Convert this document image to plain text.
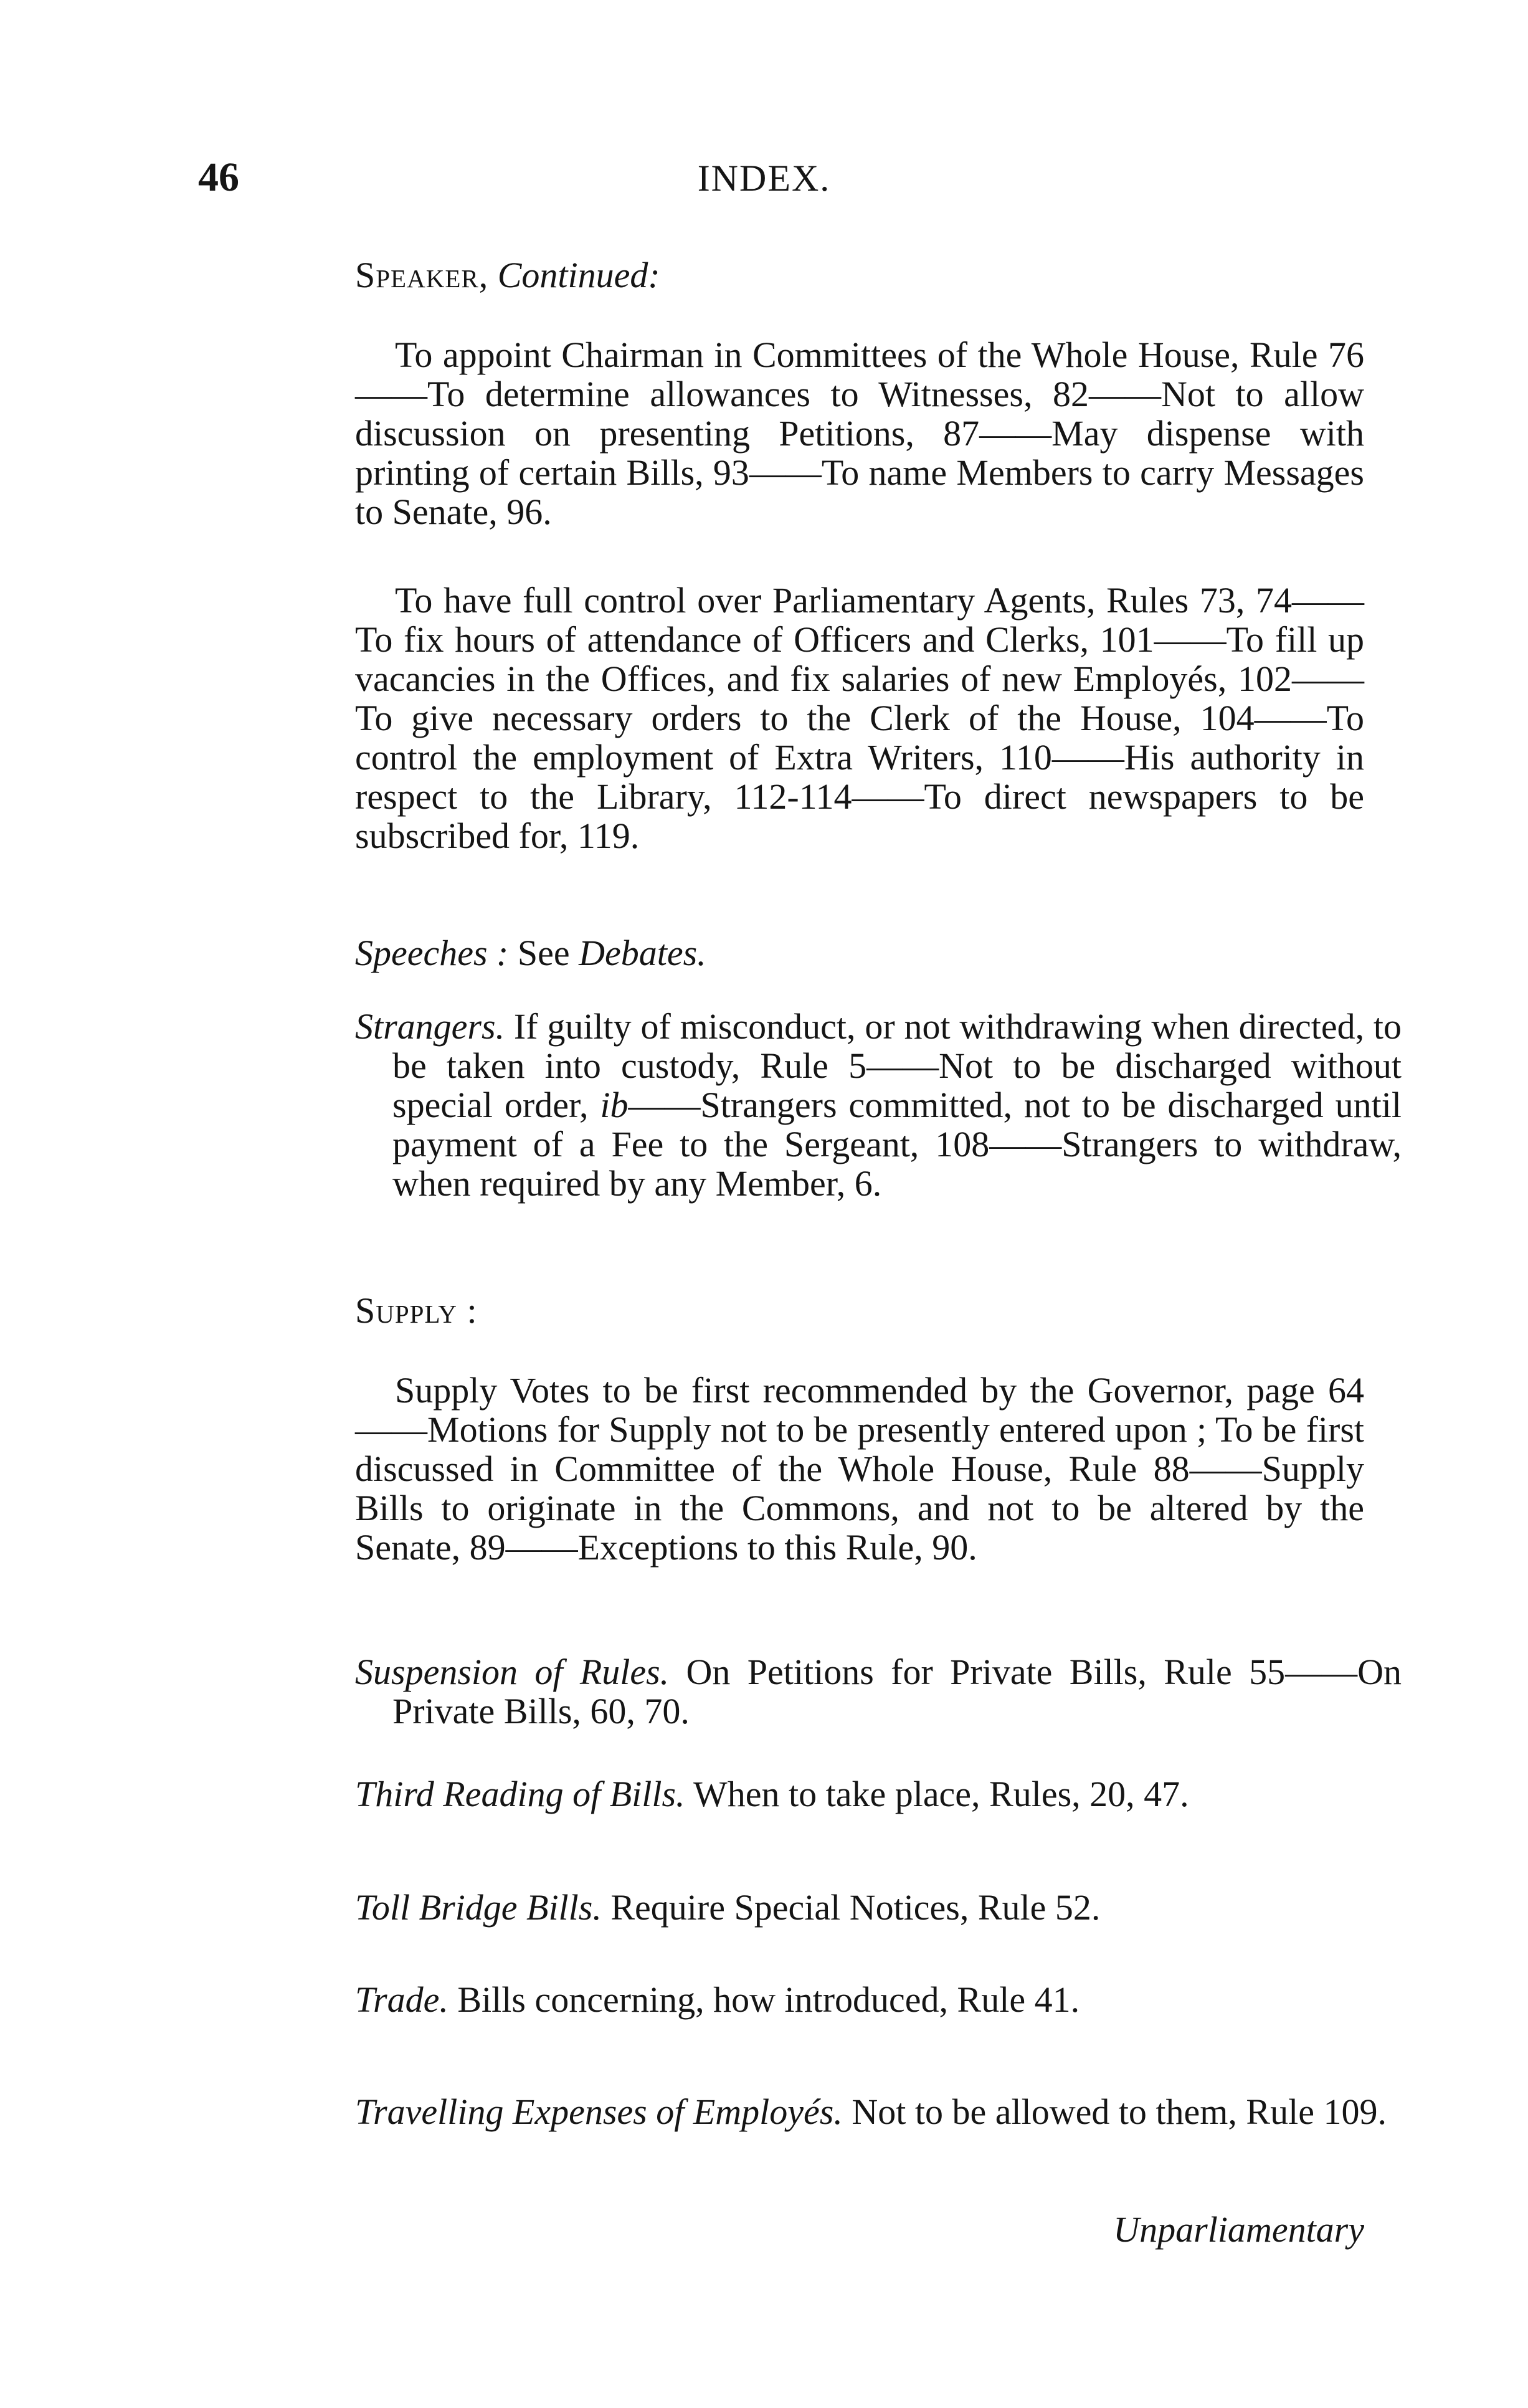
46	INDEX.
Speaker, Continued:
To appoint Chairman in Committees of the Whole House, Rule 76——To determine allowances to Witnesses, 82——Not to allow discussion on presenting Petitions, 87——May dispense with printing of certain Bills, 93——To name Members to carry Messages to Senate, 96.
To have full control over Parliamentary Agents, Rules 73, 74——To fix hours of attendance of Officers and Clerks, 101——To fill up vacancies in the Offices, and fix salaries of new Employés, 102——To give necessary orders to the Clerk of the House, 104——To control the employment of Extra Writers, 110——His authority in respect to the Library, 112-114——To direct newspapers to be subscribed for, 119.
Speeches : See Debates.
Strangers. If guilty of misconduct, or not withdrawing when directed, to be taken into custody, Rule 5——Not to be discharged without special order, ib——Strangers committed, not to be discharged until payment of a Fee to the Sergeant, 108——Strangers to withdraw, when required by any Member, 6.
Supply :
Supply Votes to be first recommended by the Governor, page 64——Motions for Supply not to be presently entered upon ; To be first discussed in Committee of the Whole House, Rule 88——Supply Bills to originate in the Commons, and not to be altered by the Senate, 89——Exceptions to this Rule, 90.
Suspension of Rules. On Petitions for Private Bills, Rule 55——On Private Bills, 60, 70.
Third Reading of Bills. When to take place, Rules, 20, 47.
Toll Bridge Bills. Require Special Notices, Rule 52.
Trade. Bills concerning, how introduced, Rule 41.
Travelling Expenses of Employés. Not to be allowed to them, Rule 109.
Unparliamentary
